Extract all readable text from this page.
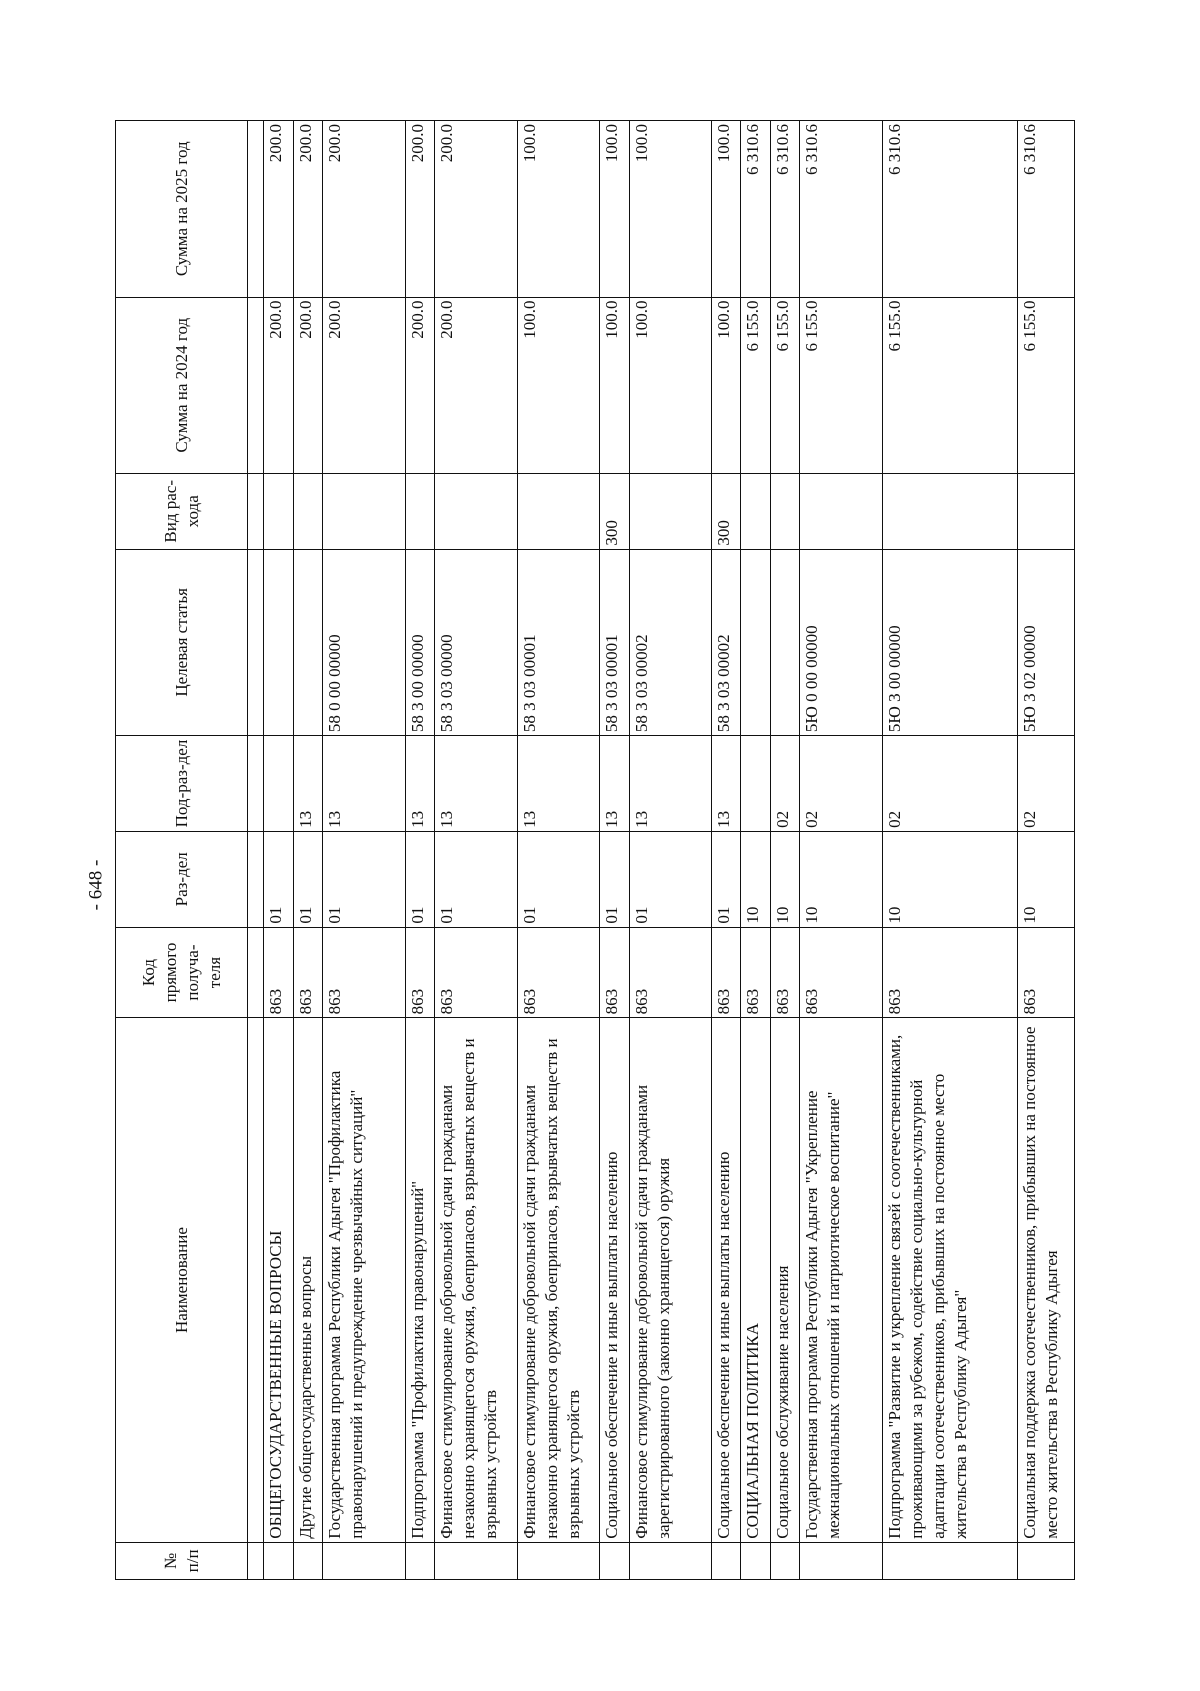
- 648 -
№ п/п	Наименование	Код прямого получа-теля	Раз-дел	Под-раз-дел	Целевая статья	Вид рас-хода	Сумма на 2024 год	Сумма на 2025 год

	ОБЩЕГОСУДАРСТВЕННЫЕ ВОПРОСЫ	863	01				200.0	200.0
	Другие общегосударственные вопросы	863	01	13			200.0	200.0
	Государственная программа Республики Адыгея "Профилактика правонарушений и предупреждение чрезвычайных ситуаций"	863	01	13	58 0 00 00000		200.0	200.0
	Подпрограмма "Профилактика правонарушений"	863	01	13	58 3 00 00000		200.0	200.0
	Финансовое стимулирование добровольной сдачи гражданами незаконно хранящегося оружия, боеприпасов, взрывчатых веществ и взрывных устройств	863	01	13	58 3 03 00000		200.0	200.0
	Финансовое стимулирование добровольной сдачи гражданами незаконно хранящегося оружия, боеприпасов, взрывчатых веществ и взрывных устройств	863	01	13	58 3 03 00001		100.0	100.0
	Социальное обеспечение и иные выплаты населению	863	01	13	58 3 03 00001	300	100.0	100.0
	Финансовое стимулирование добровольной сдачи гражданами зарегистрированного (законно хранящегося) оружия	863	01	13	58 3 03 00002		100.0	100.0
	Социальное обеспечение и иные выплаты населению	863	01	13	58 3 03 00002	300	100.0	100.0
	СОЦИАЛЬНАЯ ПОЛИТИКА	863	10				6 155.0	6 310.6
	Социальное обслуживание населения	863	10	02			6 155.0	6 310.6
	Государственная программа Республики Адыгея "Укрепление межнациональных отношений и патриотическое воспитание"	863	10	02	5Ю 0 00 00000		6 155.0	6 310.6
	Подпрограмма "Развитие и укрепление связей с соотечественниками, проживающими за рубежом, содействие социально-культурной адаптации соотечественников, прибывших на постоянное место жительства в Республику Адыгея"	863	10	02	5Ю 3 00 00000		6 155.0	6 310.6
	Социальная поддержка соотечественников, прибывших на постоянное место жительства в Республику Адыгея	863	10	02	5Ю 3 02 00000		6 155.0	6 310.6
